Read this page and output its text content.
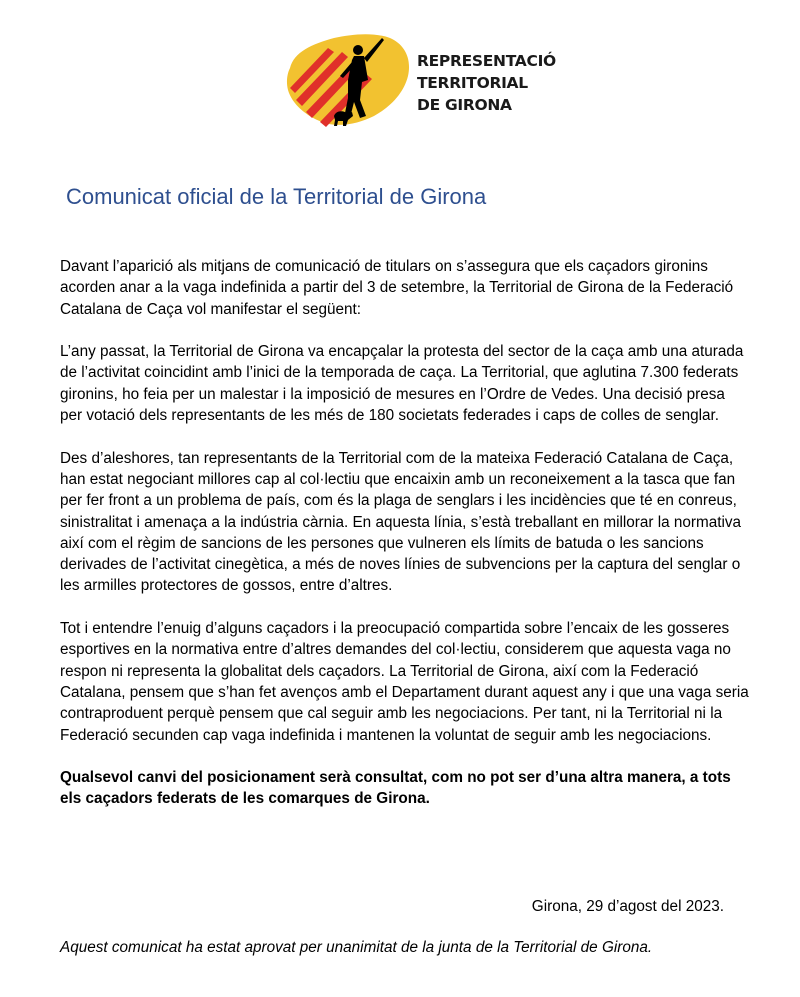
REPRESENTACIÓ
TERRITORIAL
DE GIRONA
Comunicat oficial de la Territorial de Girona

Davant l’aparició als mitjans de comunicació de titulars on s’assegura que els caçadors gironins acorden anar a la vaga indefinida a partir del 3 de setembre, la Territorial de Girona de la Federació Catalana de Caça vol manifestar el següent:

L’any passat, la Territorial de Girona va encapçalar la protesta del sector de la caça amb una aturada de l’activitat coincidint amb l’inici de la temporada de caça. La Territorial, que aglutina 7.300 federats gironins, ho feia per un malestar i la imposició de mesures en l’Ordre de Vedes. Una decisió presa per votació dels representants de les més de 180 societats federades i caps de colles de senglar.

Des d’aleshores, tan representants de la Territorial com de la mateixa Federació Catalana de Caça, han estat negociant millores cap al col·lectiu que encaixin amb un reconeixement a la tasca que fan per fer front a un problema de país, com és la plaga de senglars i les incidències que té en conreus, sinistralitat i amenaça a la indústria càrnia. En aquesta línia, s’està treballant en millorar la normativa així com el règim de sancions de les persones que vulneren els límits de batuda o les sancions derivades de l’activitat cinegètica, a més de noves línies de subvencions per la captura del senglar o les armilles protectores de gossos, entre d’altres.

Tot i entendre l’enuig d’alguns caçadors i la preocupació compartida sobre l’encaix de les gosseres esportives en la normativa entre d’altres demandes del col·lectiu, considerem que aquesta vaga no respon ni representa la globalitat dels caçadors. La Territorial de Girona, així com la Federació Catalana, pensem que s’han fet avenços amb el Departament durant aquest any i que una vaga seria contraproduent perquè pensem que cal seguir amb les negociacions. Per tant, ni la Territorial ni la Federació secunden cap vaga indefinida i mantenen la voluntat de seguir amb les negociacions.

Qualsevol canvi del posicionament serà consultat, com no pot ser d’una altra manera, a tots els caçadors federats de les comarques de Girona.

Girona, 29 d’agost del 2023.
Aquest comunicat ha estat aprovat per unanimitat de la junta de la Territorial de Girona.
